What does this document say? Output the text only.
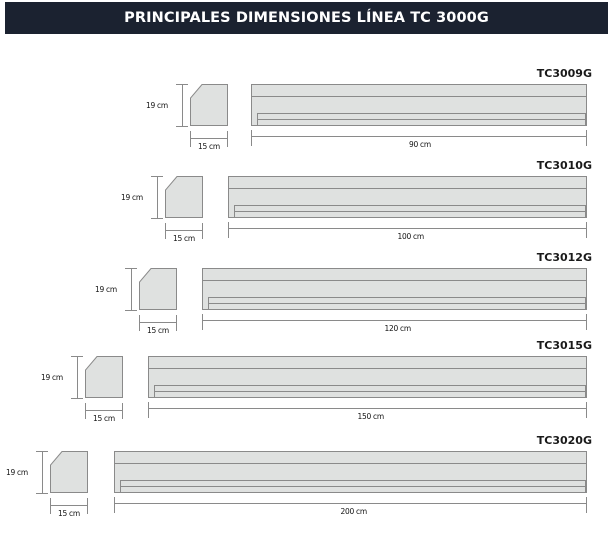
PRINCIPALES DIMENSIONES LÍNEA TC 3000G
TC3009G
19 cm
15 cm	90 cm
TC3010G
19 cm
15 cm	100 cm
TC3012G
19 cm
15 cm	120 cm
TC3015G
19 cm
15 cm	150 cm
TC3020G
19 cm
15 cm	200 cm
